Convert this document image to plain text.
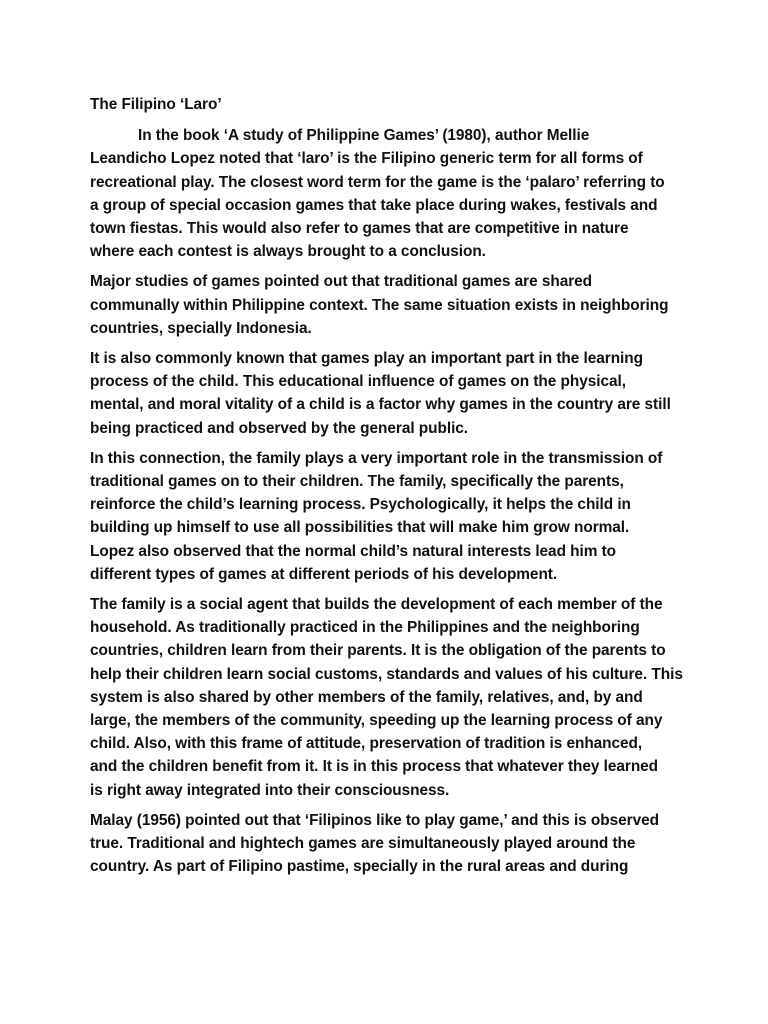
The Filipino ‘Laro’
In the book ‘A study of Philippine Games’ (1980), author Mellie
Leandicho Lopez noted that ‘laro’ is the Filipino generic term for all forms of
recreational play. The closest word term for the game is the ‘palaro’ referring to
a group of special occasion games that take place during wakes, festivals and
town fiestas. This would also refer to games that are competitive in nature
where each contest is always brought to a conclusion.
Major studies of games pointed out that traditional games are shared
communally within Philippine context. The same situation exists in neighboring
countries, specially Indonesia.
It is also commonly known that games play an important part in the learning
process of the child. This educational influence of games on the physical,
mental, and moral vitality of a child is a factor why games in the country are still
being practiced and observed by the general public.
In this connection, the family plays a very important role in the transmission of
traditional games on to their children. The family, specifically the parents,
reinforce the child’s learning process. Psychologically, it helps the child in
building up himself to use all possibilities that will make him grow normal.
Lopez also observed that the normal child’s natural interests lead him to
different types of games at different periods of his development.
The family is a social agent that builds the development of each member of the
household. As traditionally practiced in the Philippines and the neighboring
countries, children learn from their parents. It is the obligation of the parents to
help their children learn social customs, standards and values of his culture. This
system is also shared by other members of the family, relatives, and, by and
large, the members of the community, speeding up the learning process of any
child. Also, with this frame of attitude, preservation of tradition is enhanced,
and the children benefit from it. It is in this process that whatever they learned
is right away integrated into their consciousness.
Malay (1956) pointed out that ‘Filipinos like to play game,’ and this is observed
true. Traditional and hightech games are simultaneously played around the
country. As part of Filipino pastime, specially in the rural areas and during
